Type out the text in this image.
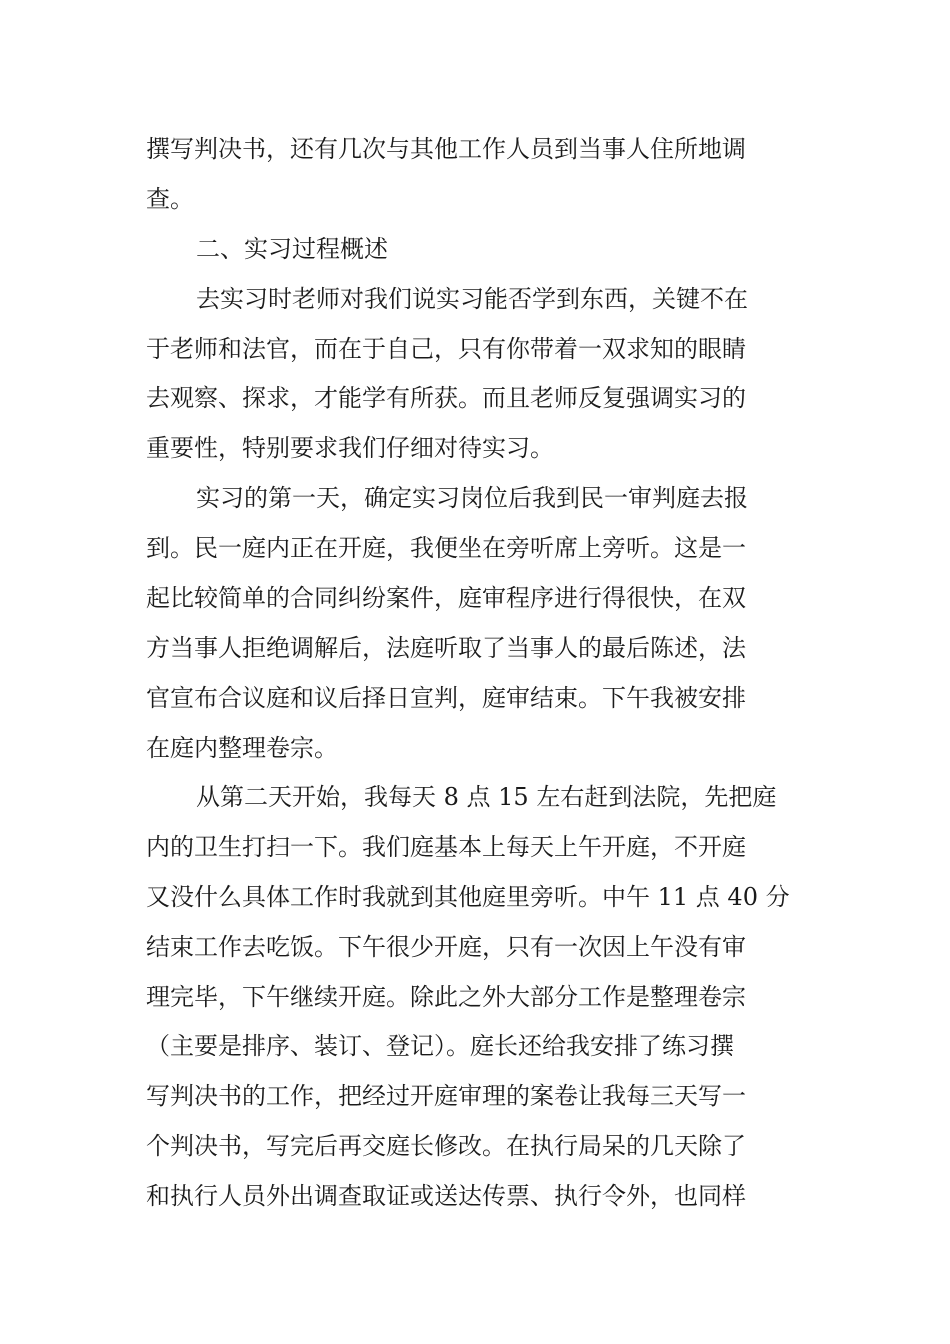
撰写判决书，还有几次与其他工作人员到当事人住所地调
查。
二、实习过程概述
去实习时老师对我们说实习能否学到东西，关键不在
于老师和法官，而在于自己，只有你带着一双求知的眼睛
去观察、探求，才能学有所获。而且老师反复强调实习的
重要性，特别要求我们仔细对待实习。
实习的第一天，确定实习岗位后我到民一审判庭去报
到。民一庭内正在开庭，我便坐在旁听席上旁听。这是一
起比较简单的合同纠纷案件，庭审程序进行得很快，在双
方当事人拒绝调解后，法庭听取了当事人的最后陈述，法
官宣布合议庭和议后择日宣判，庭审结束。下午我被安排
在庭内整理卷宗。
从第二天开始，我每天 8 点 15 左右赶到法院，先把庭
内的卫生打扫一下。我们庭基本上每天上午开庭，不开庭
又没什么具体工作时我就到其他庭里旁听。中午 11 点 40 分
结束工作去吃饭。下午很少开庭，只有一次因上午没有审
理完毕，下午继续开庭。除此之外大部分工作是整理卷宗
（主要是排序、装订、登记）。庭长还给我安排了练习撰
写判决书的工作，把经过开庭审理的案卷让我每三天写一
个判决书，写完后再交庭长修改。在执行局呆的几天除了
和执行人员外出调查取证或送达传票、执行令外，也同样
